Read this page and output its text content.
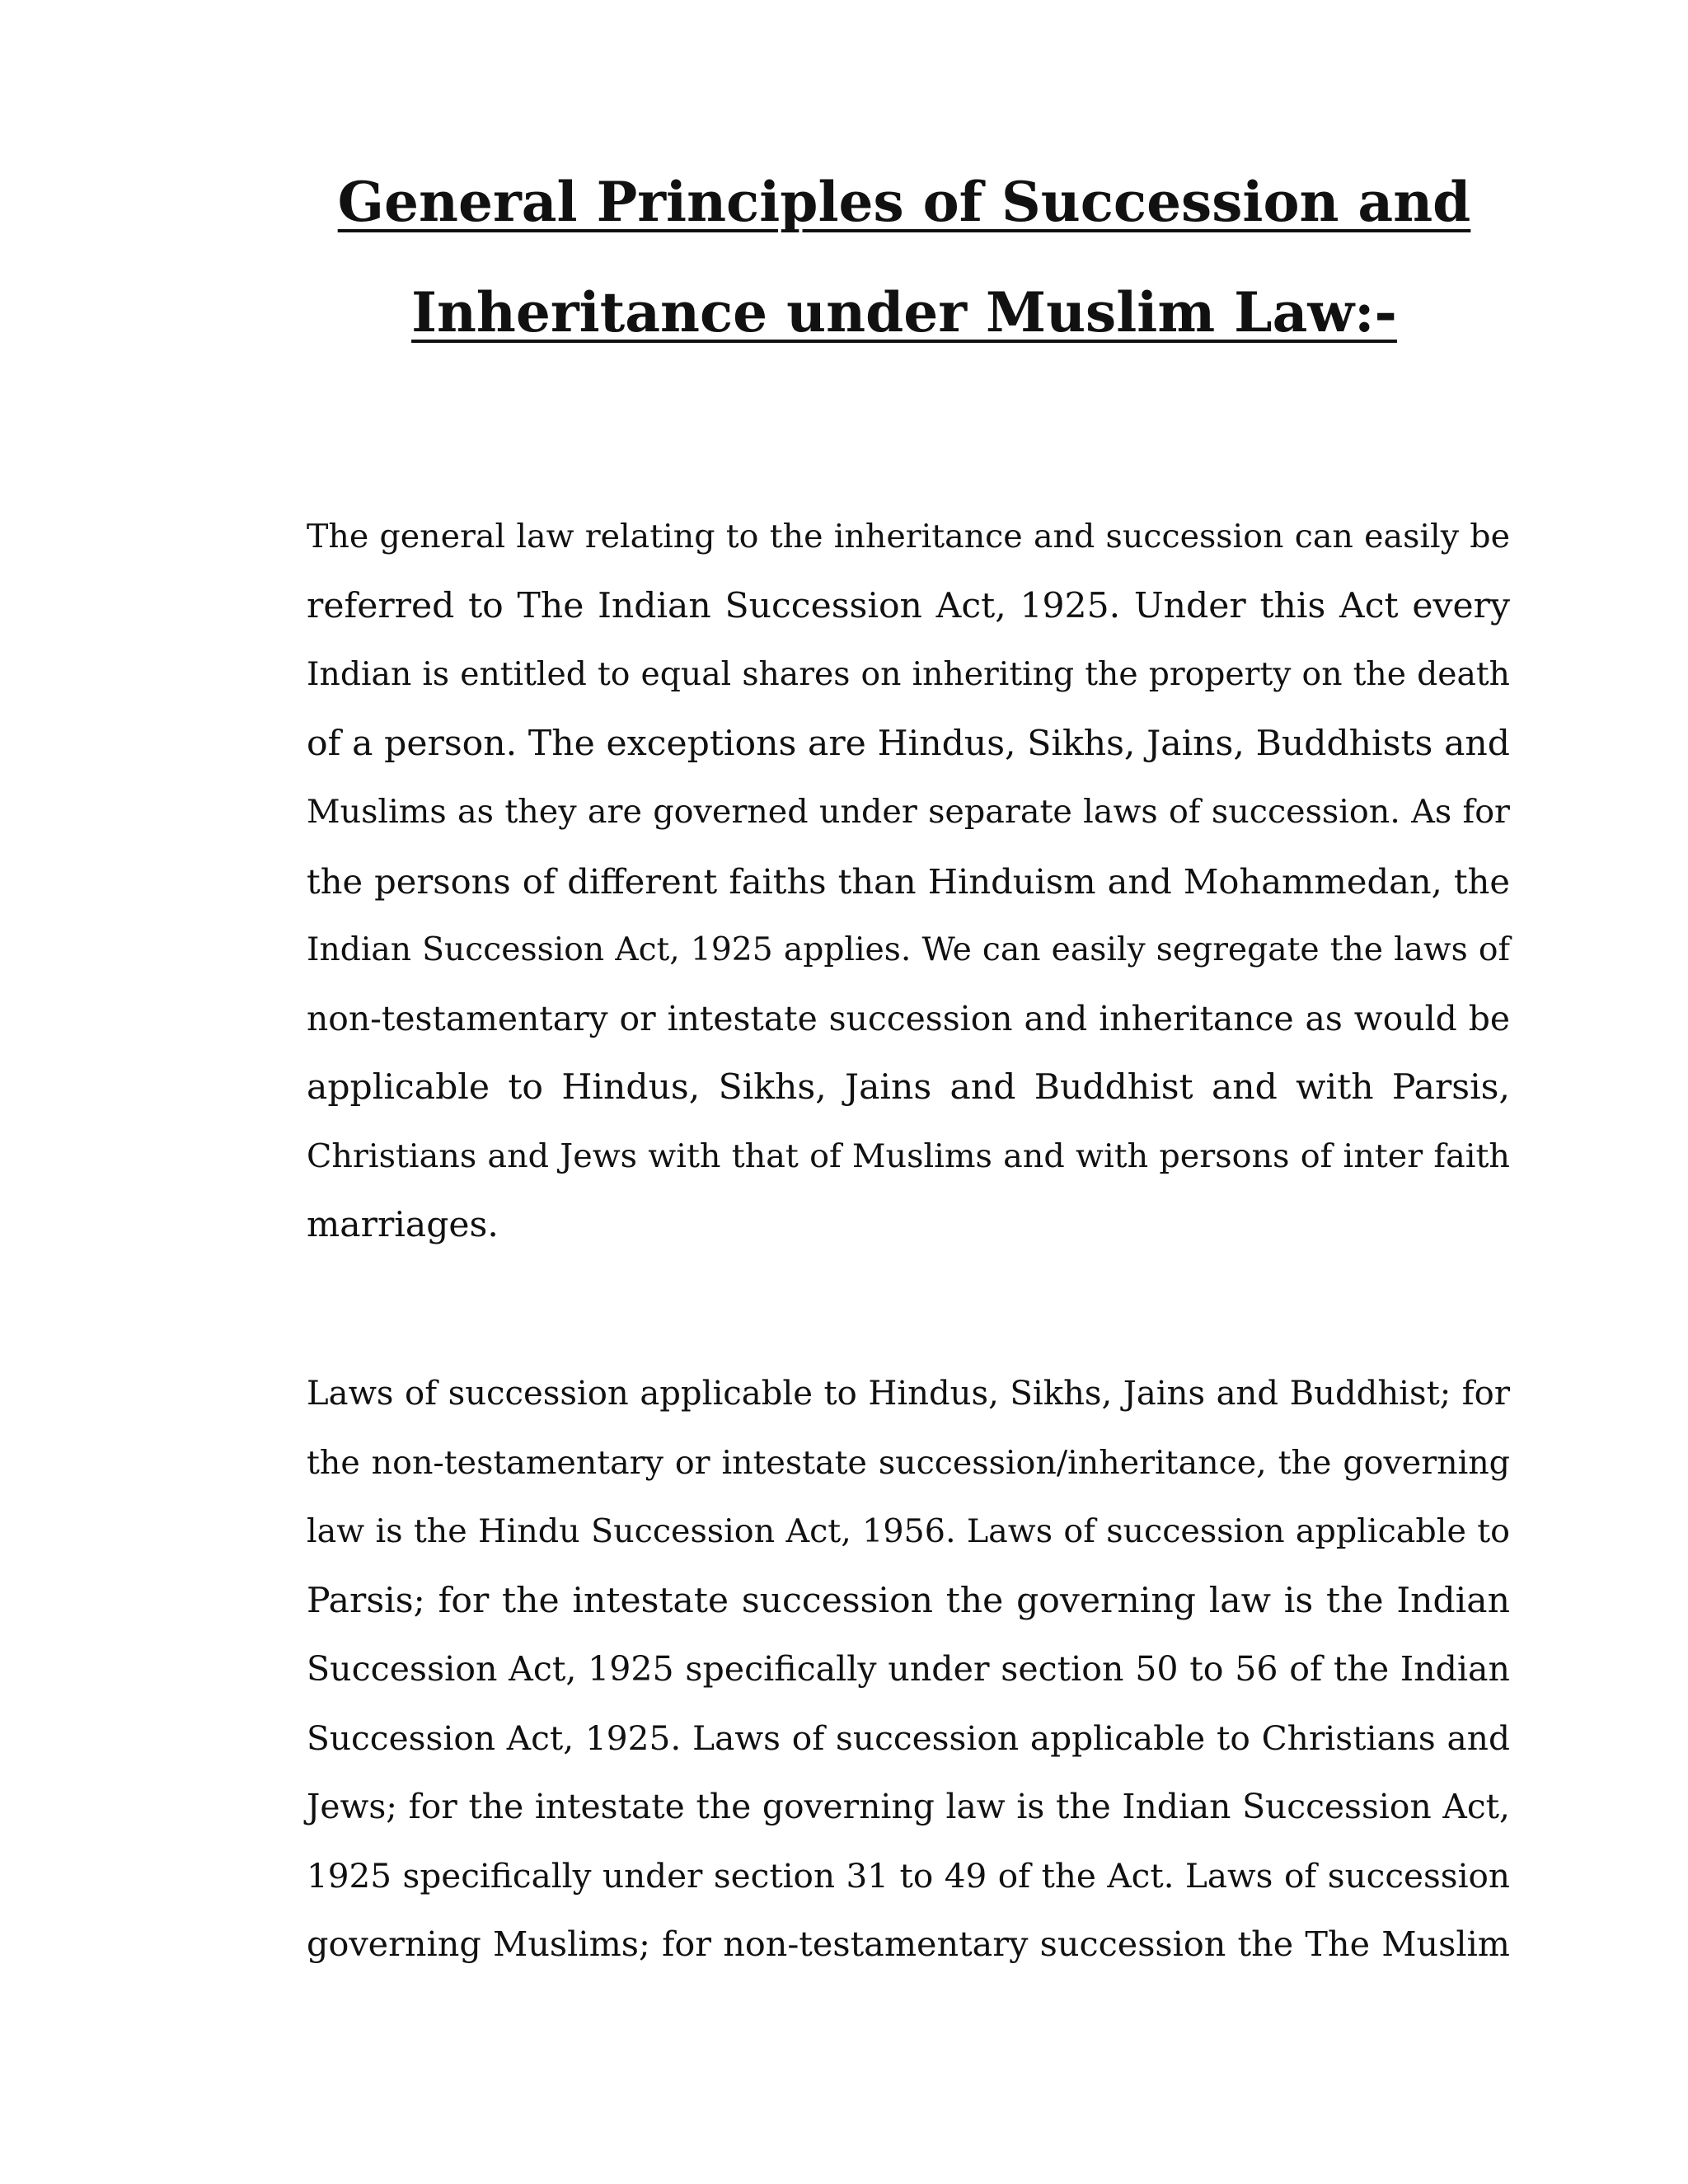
General Principles of Succession and
Inheritance under Muslim Law:-

The general law relating to the inheritance and succession can easily be
referred to The Indian Succession Act, 1925. Under this Act every
Indian is entitled to equal shares on inheriting the property on the death
of a person. The exceptions are Hindus, Sikhs, Jains, Buddhists and
Muslims as they are governed under separate laws of succession. As for
the persons of different faiths than Hinduism and Mohammedan, the
Indian Succession Act, 1925 applies. We can easily segregate the laws of
non-testamentary or intestate succession and inheritance as would be
applicable to Hindus, Sikhs, Jains and Buddhist and with Parsis,
Christians and Jews with that of Muslims and with persons of inter faith
marriages.

Laws of succession applicable to Hindus, Sikhs, Jains and Buddhist; for
the non-testamentary or intestate succession/inheritance, the governing
law is the Hindu Succession Act, 1956. Laws of succession applicable to
Parsis; for the intestate succession the governing law is the Indian
Succession Act, 1925 specifically under section 50 to 56 of the Indian
Succession Act, 1925. Laws of succession applicable to Christians and
Jews; for the intestate the governing law is the Indian Succession Act,
1925 specifically under section 31 to 49 of the Act. Laws of succession
governing Muslims; for non-testamentary succession the The Muslim
